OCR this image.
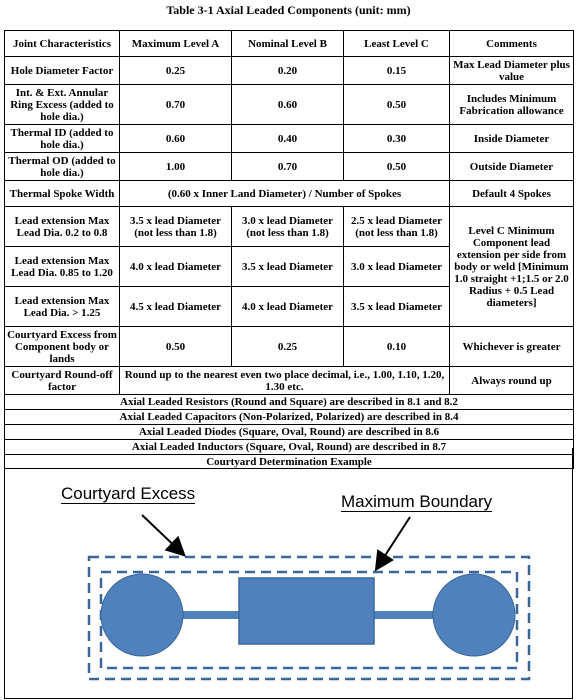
Table 3-1 Axial Leaded Components (unit: mm)
Joint Characteristics	Maximum Level A	Nominal Level B	Least Level C	Comments
Hole Diameter Factor	0.25	0.20	0.15	Max Lead Diameter plus value
Int. & Ext. Annular Ring Excess (added to hole dia.)	0.70	0.60	0.50	Includes Minimum Fabrication allowance
Thermal ID (added to hole dia.)	0.60	0.40	0.30	Inside Diameter
Thermal OD (added to hole dia.)	1.00	0.70	0.50	Outside Diameter
Thermal Spoke Width	(0.60 x Inner Land Diameter) / Number of Spokes			Default 4 Spokes
Lead extension Max Lead Dia. 0.2 to 0.8	3.5 x lead Diameter (not less than 1.8)	3.0 x lead Diameter (not less than 1.8)	2.5 x lead Diameter (not less than 1.8)	Level C Minimum Component lead extension per side from body or weld [Minimum 1.0 straight +1;1.5 or 2.0 Radius + 0.5 Lead diameters]
Lead extension Max Lead Dia. 0.85 to 1.20	4.0 x lead Diameter	3.5 x lead Diameter	3.0 x lead Diameter	
Lead extension Max Lead Dia. > 1.25	4.5 x lead Diameter	4.0 x lead Diameter	3.5 x lead Diameter	
Courtyard Excess from Component body or lands	0.50	0.25	0.10	Whichever is greater
Courtyard Round-off factor	Round up to the nearest even two place decimal, i.e., 1.00, 1.10, 1.20, 1.30 etc.			Always round up
Axial Leaded Resistors (Round and Square) are described in 8.1 and 8.2				
Axial Leaded Capacitors (Non-Polarized, Polarized) are described in 8.4				
Axial Leaded Diodes (Square, Oval, Round) are described in 8.6				
Axial Leaded Inductors (Square, Oval, Round) are described in 8.7				
Courtyard Determination Example				
Courtyard Excess	Maximum Boundary
